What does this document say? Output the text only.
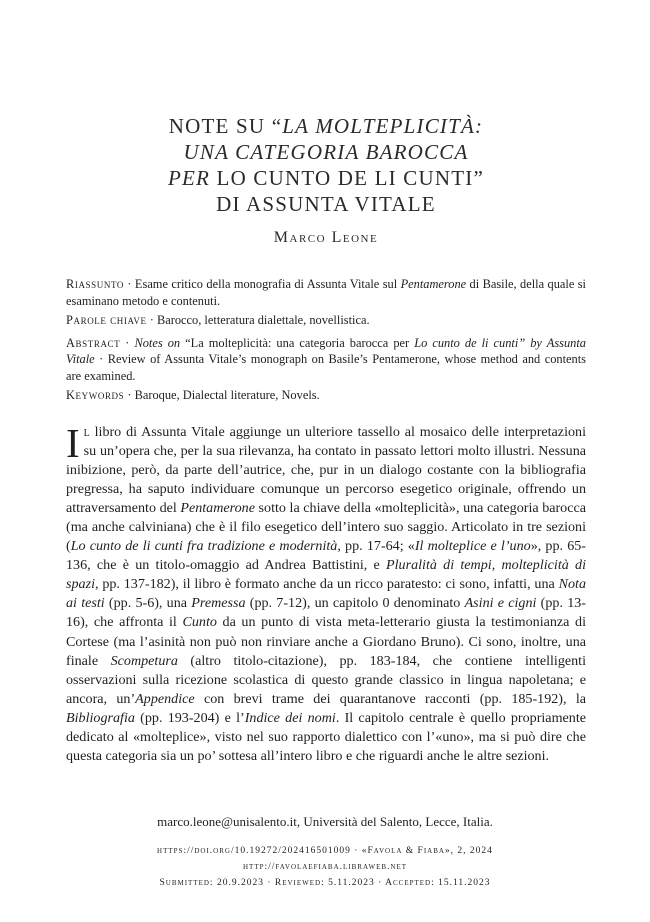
NOTE SU “LA MOLTEPLICITÀ:
UNA CATEGORIA BAROCCA
PER LO CUNTO DE LI CUNTI”
DI ASSUNTA VITALE
Marco Leone

Riassunto · Esame critico della monografia di Assunta Vitale sul Pentamerone di Basile, della quale si esaminano metodo e contenuti.

Parole chiave · Barocco, letteratura dialettale, novellistica.

Abstract · Notes on “La molteplicità: una categoria barocca per Lo cunto de li cunti” by Assunta Vitale · Review of Assunta Vitale’s monograph on Basile’s Pentamerone, whose method and contents are examined.

Keywords · Baroque, Dialectal literature, Novels.

Il libro di Assunta Vitale aggiunge un ulteriore tassello al mosaico delle interpretazioni su un’opera che, per la sua rilevanza, ha contato in passato lettori molto illustri. Nessuna inibizione, però, da parte dell’autrice, che, pur in un dialogo costante con la bibliografia pregressa, ha saputo individuare comunque un percorso esegetico originale, offrendo un attraversamento del Pentamerone sotto la chiave della «molteplicità», una categoria barocca (ma anche calviniana) che è il filo esegetico dell’intero suo saggio. Articolato in tre sezioni (Lo cunto de li cunti fra tradizione e modernità, pp. 17-64; «Il molteplice e l’uno», pp. 65-136, che è un titolo-omaggio ad Andrea Battistini, e Pluralità di tempi, molteplicità di spazi, pp. 137-182), il libro è formato anche da un ricco paratesto: ci sono, infatti, una Nota ai testi (pp. 5-6), una Premessa (pp. 7-12), un capitolo 0 denominato Asini e cigni (pp. 13-16), che affronta il Cunto da un punto di vista meta-letterario giusta la testimonianza di Cortese (ma l’asinità non può non rinviare anche a Giordano Bruno). Ci sono, inoltre, una finale Scompetura (altro titolo-citazione), pp. 183-184, che contiene intelligenti osservazioni sulla ricezione scolastica di questo grande classico in lingua napoletana; e ancora, un’Appendice con brevi trame dei quarantanove racconti (pp. 185-192), la Bibliografia (pp. 193-204) e l’Indice dei nomi. Il capitolo centrale è quello propriamente dedicato al «molteplice», visto nel suo rapporto dialettico con l’«uno», ma si può dire che questa categoria sia un po’ sottesa all’intero libro e che riguardi anche le altre sezioni.

marco.leone@unisalento.it, Università del Salento, Lecce, Italia.
https://doi.org/10.19272/202416501009 · «Favola & Fiaba», 2, 2024
http://favolaefiaba.libraweb.net
Submitted: 20.9.2023 · Reviewed: 5.11.2023 · Accepted: 15.11.2023
